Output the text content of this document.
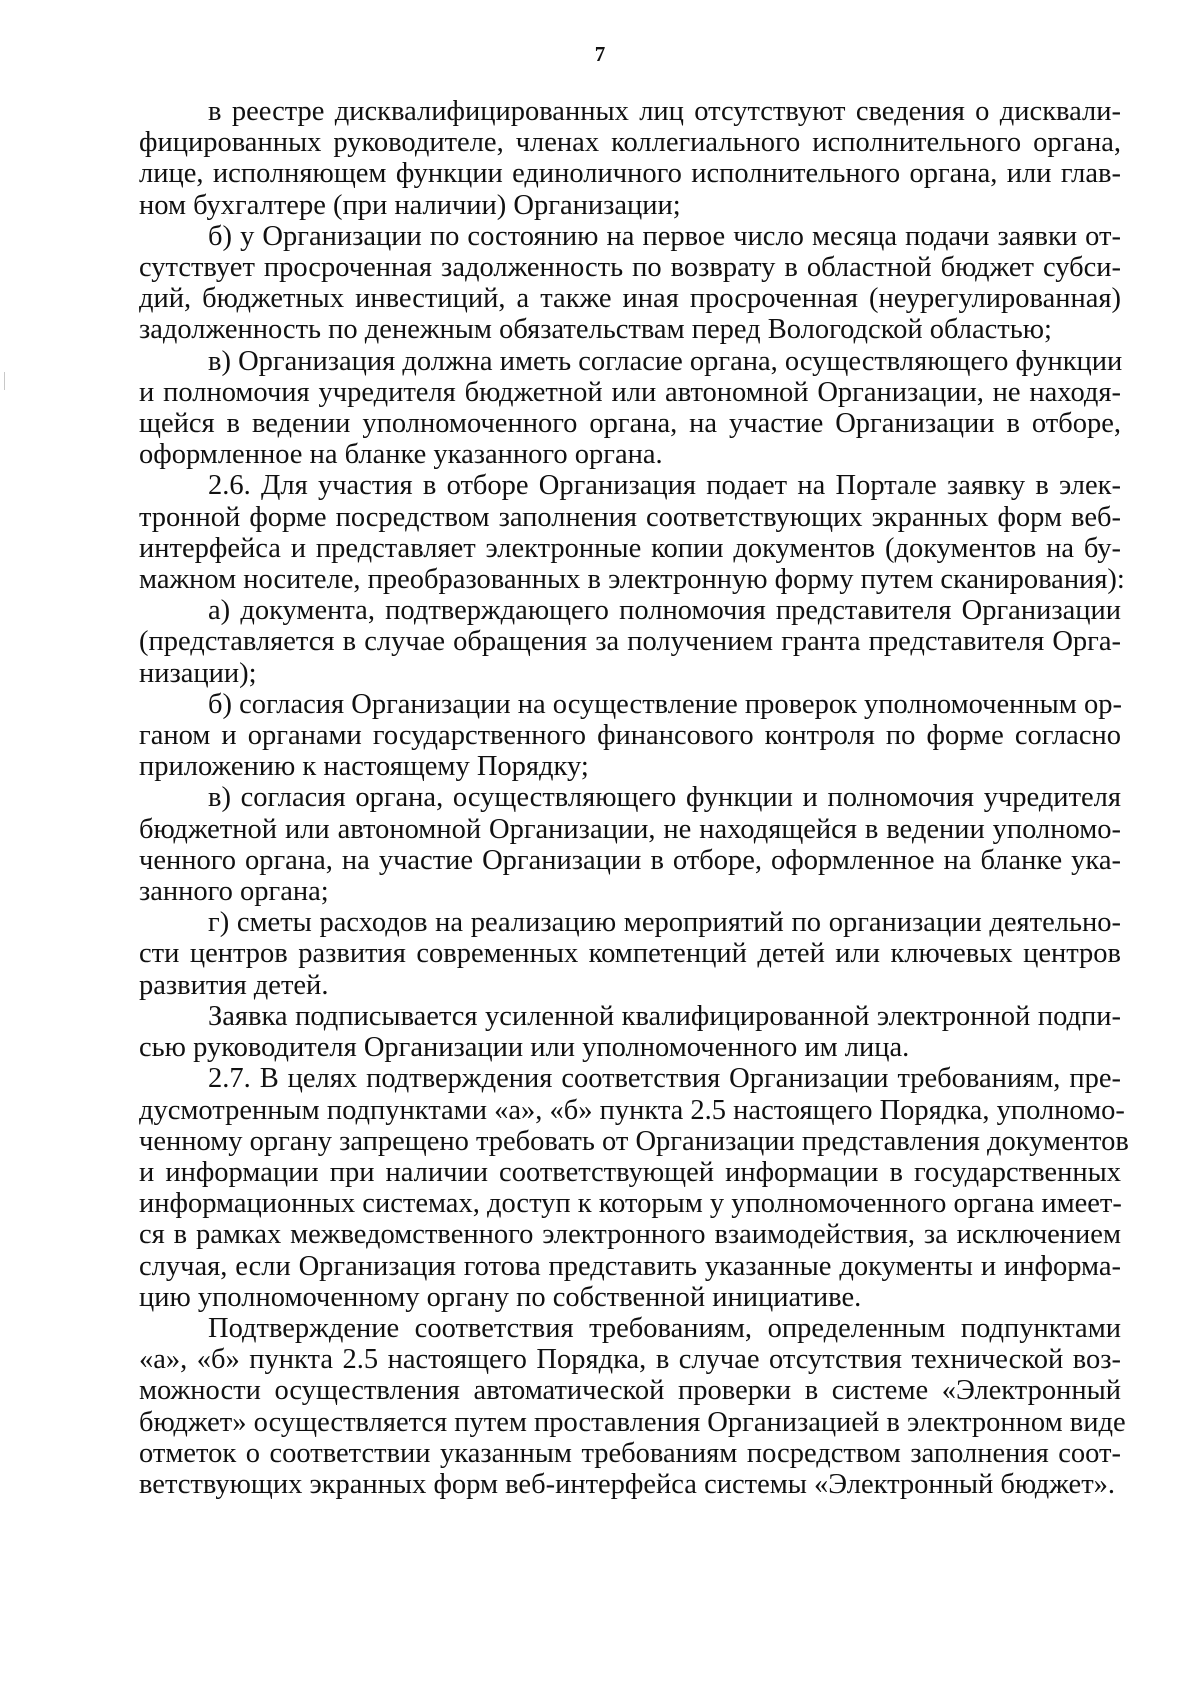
7
в реестре дисквалифицированных лиц отсутствуют сведения о дисквали-
фицированных руководителе, членах коллегиального исполнительного органа,
лице, исполняющем функции единоличного исполнительного органа, или глав-
ном бухгалтере (при наличии) Организации;
б) у Организации по состоянию на первое число месяца подачи заявки от-
сутствует просроченная задолженность по возврату в областной бюджет субси-
дий, бюджетных инвестиций, а также иная просроченная (неурегулированная)
задолженность по денежным обязательствам перед Вологодской областью;
в) Организация должна иметь согласие органа, осуществляющего функции
и полномочия учредителя бюджетной или автономной Организации, не находя-
щейся в ведении уполномоченного органа, на участие Организации в отборе,
оформленное на бланке указанного органа.
2.6. Для участия в отборе Организация подает на Портале заявку в элек-
тронной форме посредством заполнения соответствующих экранных форм веб-
интерфейса и представляет электронные копии документов (документов на бу-
мажном носителе, преобразованных в электронную форму путем сканирования):
а) документа, подтверждающего полномочия представителя Организации
(представляется в случае обращения за получением гранта представителя Орга-
низации);
б) согласия Организации на осуществление проверок уполномоченным ор-
ганом и органами государственного финансового контроля по форме согласно
приложению к настоящему Порядку;
в) согласия органа, осуществляющего функции и полномочия учредителя
бюджетной или автономной Организации, не находящейся в ведении уполномо-
ченного органа, на участие Организации в отборе, оформленное на бланке ука-
занного органа;
г) сметы расходов на реализацию мероприятий по организации деятельно-
сти центров развития современных компетенций детей или ключевых центров
развития детей.
Заявка подписывается усиленной квалифицированной электронной подпи-
сью руководителя Организации или уполномоченного им лица.
2.7. В целях подтверждения соответствия Организации требованиям, пре-
дусмотренным подпунктами «а», «б» пункта 2.5 настоящего Порядка, уполномо-
ченному органу запрещено требовать от Организации представления документов
и информации при наличии соответствующей информации в государственных
информационных системах, доступ к которым у уполномоченного органа имеет-
ся в рамках межведомственного электронного взаимодействия, за исключением
случая, если Организация готова представить указанные документы и информа-
цию уполномоченному органу по собственной инициативе.
Подтверждение соответствия требованиям, определенным подпунктами
«а», «б» пункта 2.5 настоящего Порядка, в случае отсутствия технической воз-
можности осуществления автоматической проверки в системе «Электронный
бюджет» осуществляется путем проставления Организацией в электронном виде
отметок о соответствии указанным требованиям посредством заполнения соот-
ветствующих экранных форм веб-интерфейса системы «Электронный бюджет».
